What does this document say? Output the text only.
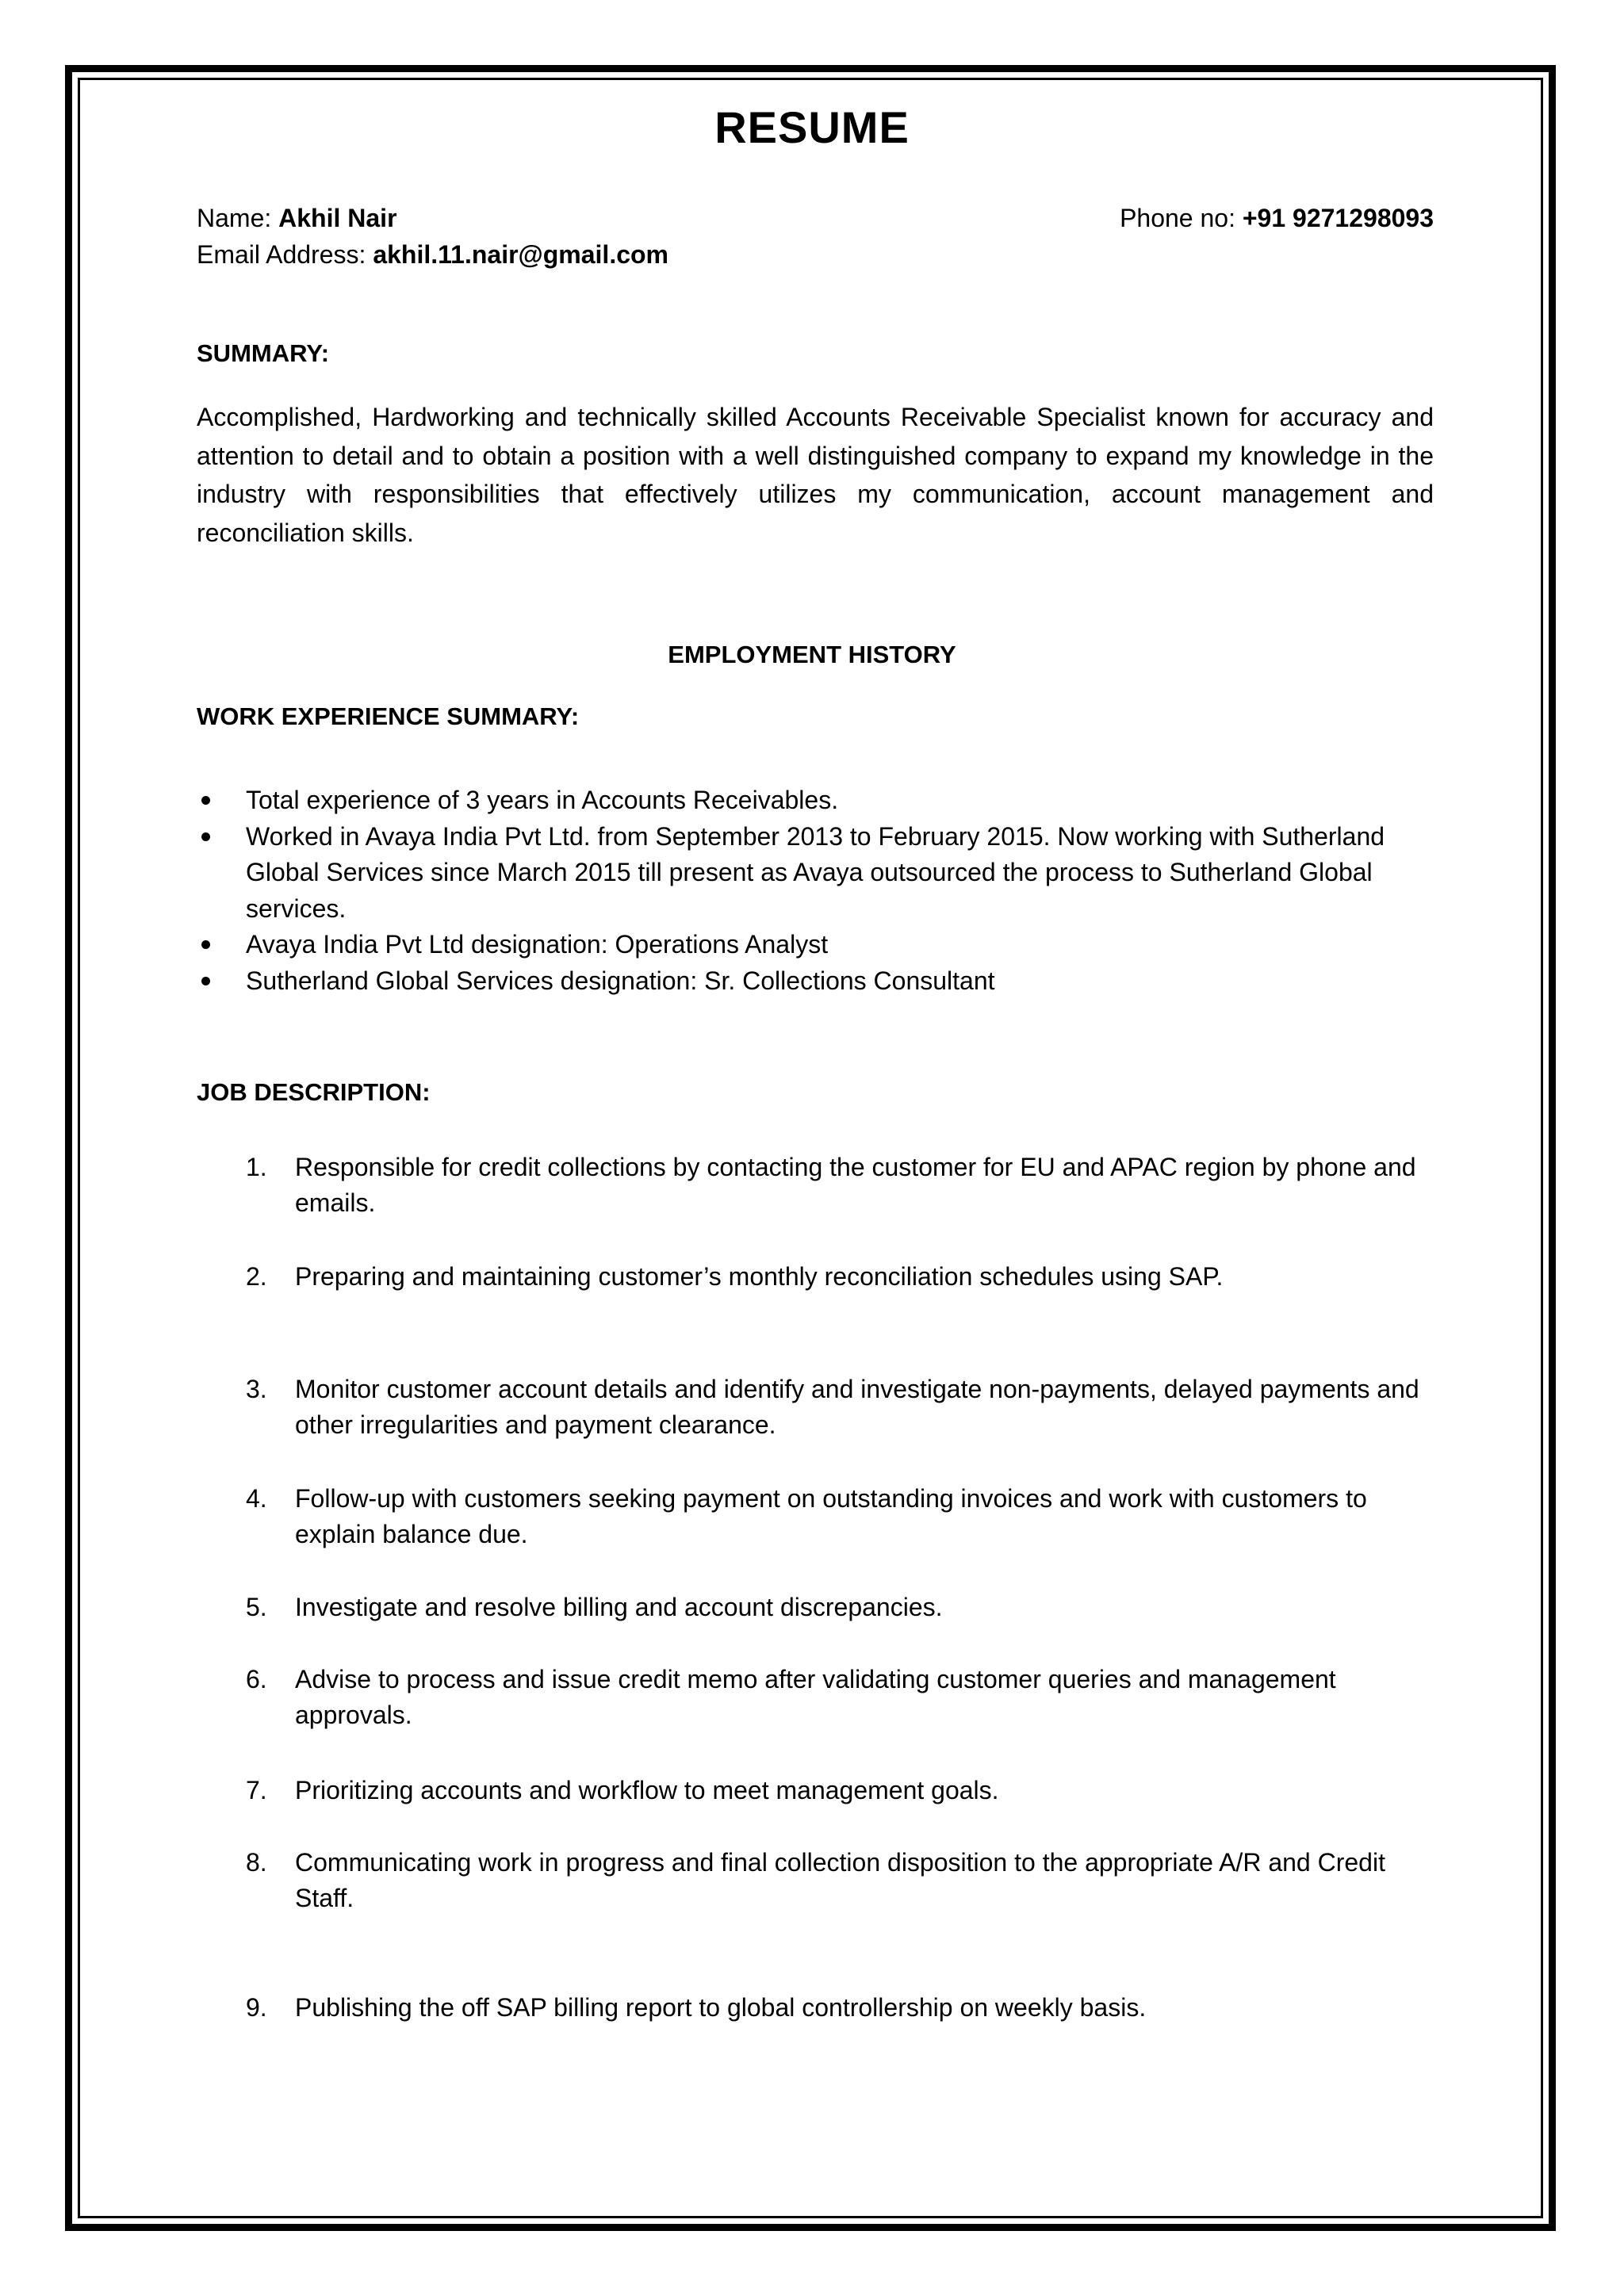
RESUME
Name: Akhil Nair	Phone no: +91 9271298093
Email Address: akhil.11.nair@gmail.com
SUMMARY:

Accomplished, Hardworking and technically skilled Accounts Receivable Specialist known for accuracy and attention to detail and to obtain a position with a well distinguished company to expand my knowledge in the industry with responsibilities that effectively utilizes my communication, account management and reconciliation skills.

EMPLOYMENT HISTORY
WORK EXPERIENCE SUMMARY:
Total experience of 3 years in Accounts Receivables.
Worked in Avaya India Pvt Ltd. from September 2013 to February 2015. Now working with Sutherland Global Services since March 2015 till present as Avaya outsourced the process to Sutherland Global services.
Avaya India Pvt Ltd designation: Operations Analyst
Sutherland Global Services designation: Sr. Collections Consultant
JOB DESCRIPTION:
1. Responsible for credit collections by contacting the customer for EU and APAC region by phone and emails.
2. Preparing and maintaining customer’s monthly reconciliation schedules using SAP.
3. Monitor customer account details and identify and investigate non-payments, delayed payments and other irregularities and payment clearance.
4. Follow-up with customers seeking payment on outstanding invoices and work with customers to explain balance due.
5. Investigate and resolve billing and account discrepancies.
6. Advise to process and issue credit memo after validating customer queries and management approvals.
7. Prioritizing accounts and workflow to meet management goals.
8. Communicating work in progress and final collection disposition to the appropriate A/R and Credit Staff.
9. Publishing the off SAP billing report to global controllership on weekly basis.
